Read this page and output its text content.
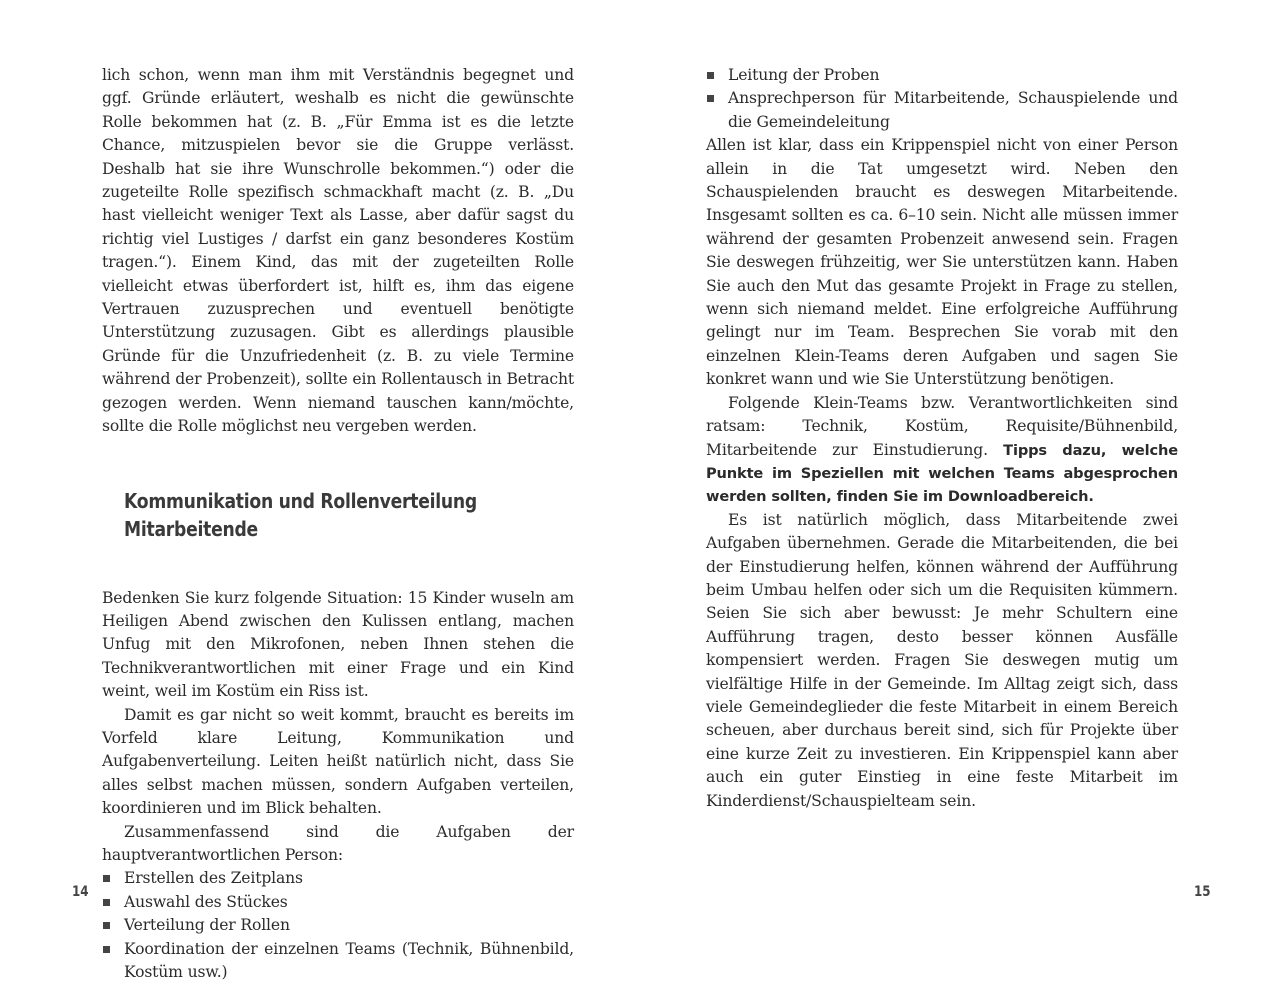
lich schon, wenn man ihm mit Verständnis begegnet und ggf. Gründe erläutert, weshalb es nicht die gewünschte Rolle bekommen hat (z. B. „Für Emma ist es die letzte Chance, mitzuspielen bevor sie die Gruppe verlässt. Deshalb hat sie ihre Wunschrolle bekommen.“) oder die zugeteilte Rolle spezifisch schmackhaft macht (z. B. „Du hast vielleicht weniger Text als Lasse, aber dafür sagst du richtig viel Lustiges / darfst ein ganz besonderes Kostüm tragen.“). Einem Kind, das mit der zugeteilten Rolle vielleicht etwas überfordert ist, hilft es, ihm das eigene Vertrauen zuzusprechen und eventuell benötigte Unterstützung zuzusagen. Gibt es allerdings plausible Gründe für die Unzufriedenheit (z. B. zu viele Termine während der Probenzeit), sollte ein Rollentausch in Betracht gezogen werden. Wenn niemand tauschen kann/möchte, sollte die Rolle möglichst neu vergeben werden.

Kommunikation und Rollenverteilung
Mitarbeitende

Bedenken Sie kurz folgende Situation: 15 Kinder wuseln am Heiligen Abend zwischen den Kulissen entlang, machen Unfug mit den Mikrofonen, neben Ihnen stehen die Technikverantwortlichen mit einer Frage und ein Kind weint, weil im Kostüm ein Riss ist.

Damit es gar nicht so weit kommt, braucht es bereits im Vorfeld klare Leitung, Kommunikation und Aufgabenverteilung. Leiten heißt natürlich nicht, dass Sie alles selbst machen müssen, sondern Aufgaben verteilen, koordinieren und im Blick behalten.

Zusammenfassend sind die Aufgaben der hauptverantwortlichen Person:

Erstellen des Zeitplans
Auswahl des Stückes
Verteilung der Rollen
Koordination der einzelnen Teams (Technik, Bühnenbild, Kostüm usw.)
Leitung der Proben
Ansprechperson für Mitarbeitende, Schauspielende und die Gemeindeleitung

Allen ist klar, dass ein Krippenspiel nicht von einer Person allein in die Tat umgesetzt wird. Neben den Schauspielenden braucht es deswegen Mitarbeitende. Insgesamt sollten es ca. 6–10 sein. Nicht alle müssen immer während der gesamten Probenzeit anwesend sein. Fragen Sie deswegen frühzeitig, wer Sie unterstützen kann. Haben Sie auch den Mut das gesamte Projekt in Frage zu stellen, wenn sich niemand meldet. Eine erfolgreiche Aufführung gelingt nur im Team. Besprechen Sie vorab mit den einzelnen Klein-Teams deren Aufgaben und sagen Sie konkret wann und wie Sie Unterstützung benötigen.

Folgende Klein-Teams bzw. Verantwortlichkeiten sind ratsam: Technik, Kostüm, Requisite/Bühnenbild, Mitarbeitende zur Einstudierung. Tipps dazu, welche Punkte im Speziellen mit welchen Teams abgesprochen werden sollten, finden Sie im Downloadbereich.

Es ist natürlich möglich, dass Mitarbeitende zwei Aufgaben übernehmen. Gerade die Mitarbeitenden, die bei der Einstudierung helfen, können während der Aufführung beim Umbau helfen oder sich um die Requisiten kümmern. Seien Sie sich aber bewusst: Je mehr Schultern eine Aufführung tragen, desto besser können Ausfälle kompensiert werden. Fragen Sie deswegen mutig um vielfältige Hilfe in der Gemeinde. Im Alltag zeigt sich, dass viele Gemeindeglieder die feste Mitarbeit in einem Bereich scheuen, aber durchaus bereit sind, sich für Projekte über eine kurze Zeit zu investieren. Ein Krippenspiel kann aber auch ein guter Einstieg in eine feste Mitarbeit im Kinderdienst/Schauspielteam sein.

14	15
